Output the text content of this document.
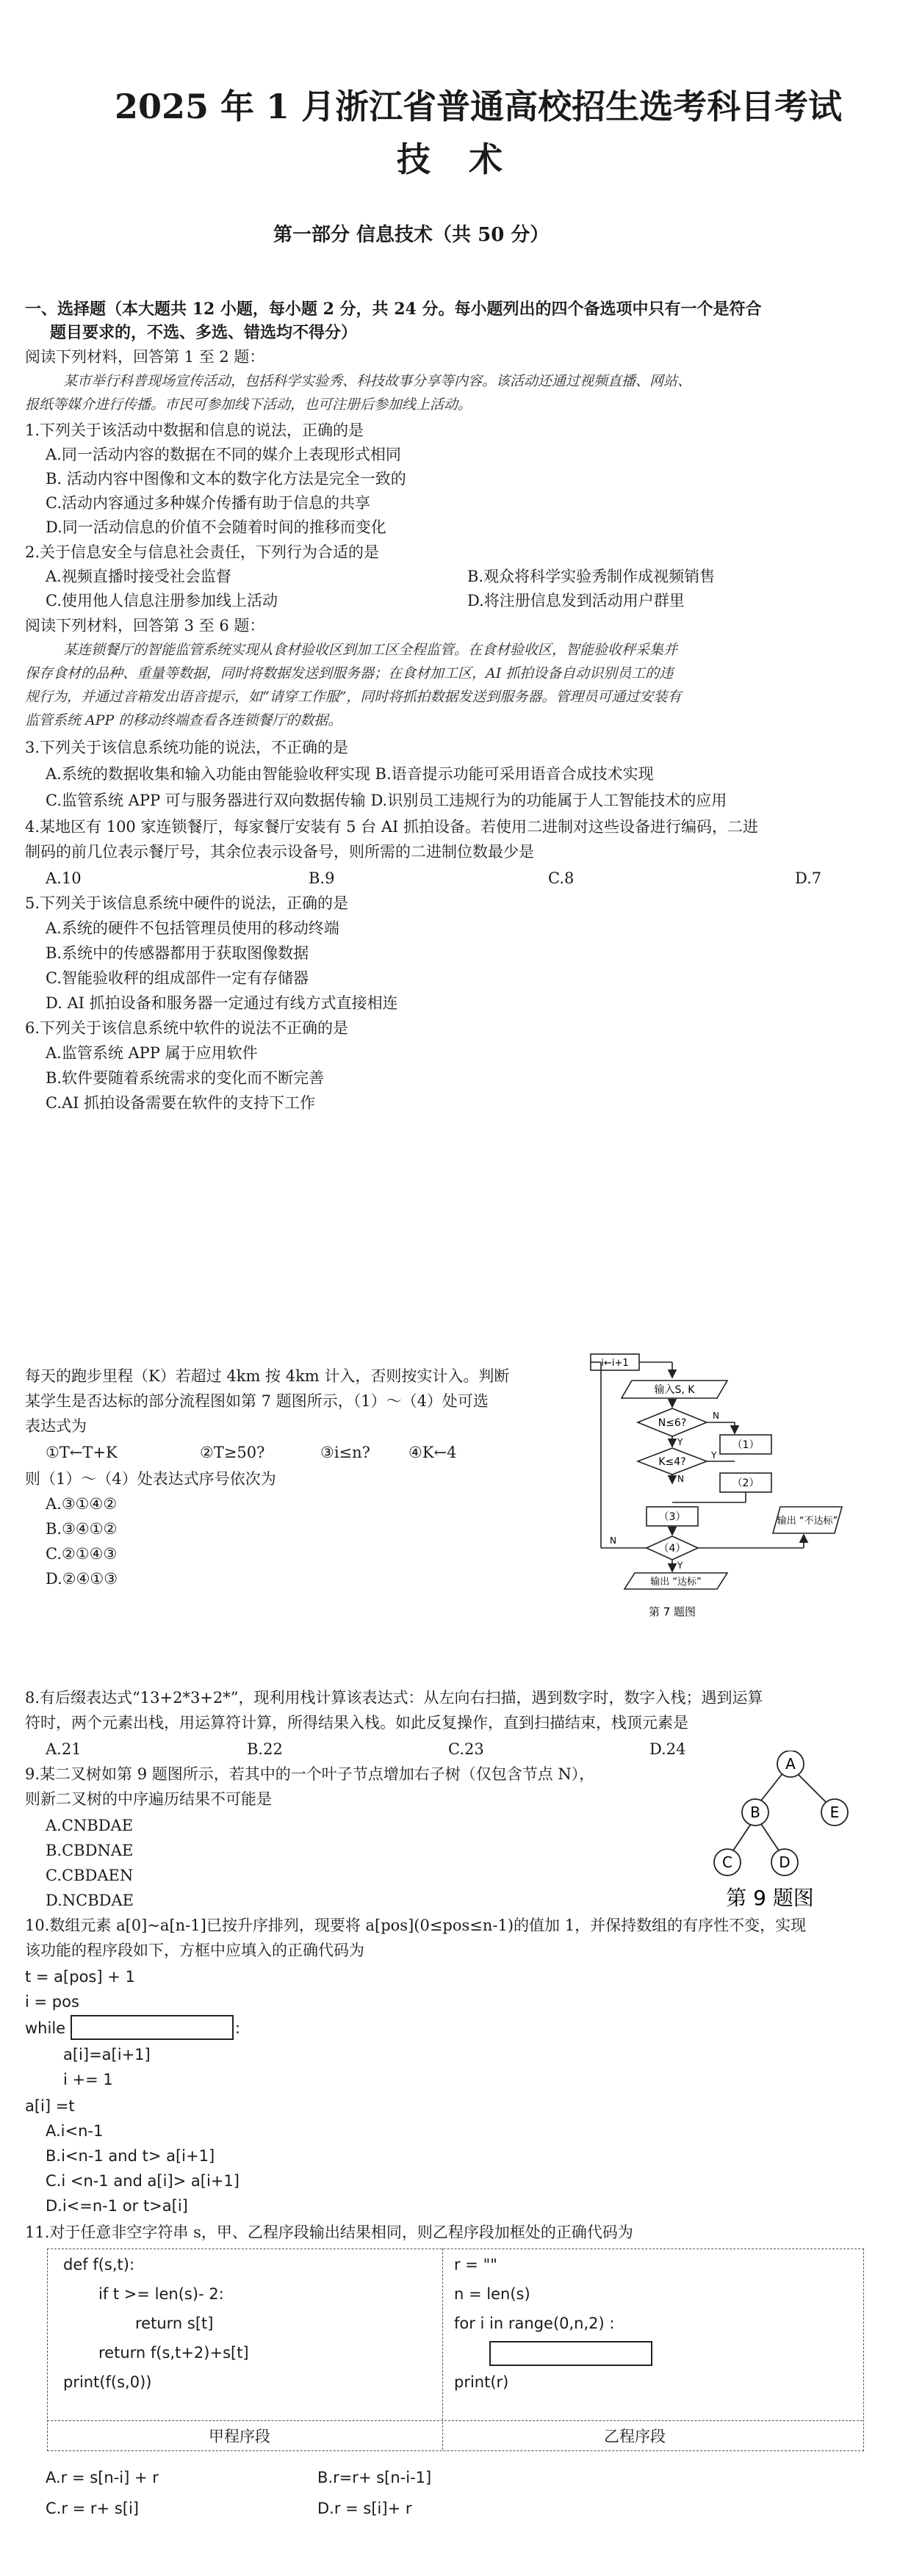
2025 年 1 月浙江省普通高校招生选考科目考试
技 术
第一部分 信息技术（共 50 分）
一、选择题（本大题共 12 小题，每小题 2 分，共 24 分。每小题列出的四个备选项中只有一个是符合
题目要求的，不选、多选、错选均不得分）
阅读下列材料，回答第 1 至 2 题：
某市举行科普现场宣传活动，包括科学实验秀、科技故事分享等内容。该活动还通过视频直播、网站、
报纸等媒介进行传播。市民可参加线下活动，也可注册后参加线上活动。
1.下列关于该活动中数据和信息的说法，正确的是
A.同一活动内容的数据在不同的媒介上表现形式相同
B. 活动内容中图像和文本的数字化方法是完全一致的
C.活动内容通过多种媒介传播有助于信息的共享
D.同一活动信息的价值不会随着时间的推移而变化
2.关于信息安全与信息社会责任，下列行为合适的是
A.视频直播时接受社会监督	B.观众将科学实验秀制作成视频销售
C.使用他人信息注册参加线上活动	D.将注册信息发到活动用户群里
阅读下列材料，回答第 3 至 6 题：
某连锁餐厅的智能监管系统实现从食材验收区到加工区全程监管。在食材验收区，智能验收秤采集并
保存食材的品种、重量等数据，同时将数据发送到服务器；在食材加工区，AI 抓拍设备自动识别员工的违
规行为，并通过音箱发出语音提示，如“请穿工作服”，同时将抓拍数据发送到服务器。管理员可通过安装有
监管系统 APP 的移动终端查看各连锁餐厅的数据。
3.下列关于该信息系统功能的说法，不正确的是
A.系统的数据收集和输入功能由智能验收秤实现 B.语音提示功能可采用语音合成技术实现
C.监管系统 APP 可与服务器进行双向数据传输 D.识别员工违规行为的功能属于人工智能技术的应用
4.某地区有 100 家连锁餐厅，每家餐厅安装有 5 台 AI 抓拍设备。若使用二进制对这些设备进行编码，二进
制码的前几位表示餐厅号，其余位表示设备号，则所需的二进制位数最少是
A.10	B.9	C.8	D.7
5.下列关于该信息系统中硬件的说法，正确的是
A.系统的硬件不包括管理员使用的移动终端
B.系统中的传感器都用于获取图像数据
C.智能验收秤的组成部件一定有存储器
D. AI 抓拍设备和服务器一定通过有线方式直接相连
6.下列关于该信息系统中软件的说法不正确的是
A.监管系统 APP 属于应用软件
B.软件要随着系统需求的变化而不断完善
C.AI 抓拍设备需要在软件的支持下工作
每天的跑步里程（K）若超过 4km 按 4km 计入，否则按实计入。判断
某学生是否达标的部分流程图如第 7 题图所示，（1）～（4）处可选
表达式为
①T←T+K	②T≥50?	③i≤n? ④K←4
则（1）～（4）处表达式序号依次为
A.③①④②
B.③④①②
C.②①④③
D.②④①③
i←i+1
输入S, K
N≤6?
（1）
K≤4?
（2）
（3）
（4）
输出 “达标”
输出 “不达标”
Y
N
Y
N
N
Y
第 7 题图
8.有后缀表达式“13+2*3+2*”，现利用栈计算该表达式：从左向右扫描，遇到数字时，数字入栈；遇到运算
符时，两个元素出栈，用运算符计算，所得结果入栈。如此反复操作，直到扫描结束，栈顶元素是
A.21	B.22	C.23	D.24
9.某二叉树如第 9 题图所示，若其中的一个叶子节点增加右子树（仅包含节点 N），
则新二叉树的中序遍历结果不可能是
A.CNBDAE
B.CBDNAE
C.CBDAEN
D.NCBDAE
A
B	E
C	D
第 9 题图
10.数组元素 a[0]~a[n-1]已按升序排列，现要将 a[pos](0≤pos≤n-1)的值加 1，并保持数组的有序性不变，实现
该功能的程序段如下，方框中应填入的正确代码为
t = a[pos] + 1
i = pos
while	:
a[i]=a[i+1]
i += 1
a[i] =t
A.i<n-1
B.i<n-1 and t> a[i+1]
C.i <n-1 and a[i]> a[i+1]
D.i<=n-1 or t>a[i]
11.对于任意非空字符串 s，甲、乙程序段输出结果相同，则乙程序段加框处的正确代码为
def f(s,t):
if t >= len(s)- 2:
return s[t]
return f(s,t+2)+s[t]
print(f(s,0))
甲程序段
r = ""
n = len(s)
for i in range(0,n,2) :
print(r)
乙程序段
A.r = s[n-i] + r	B.r=r+ s[n-i-1]
C.r = r+ s[i]	D.r = s[i]+ r
